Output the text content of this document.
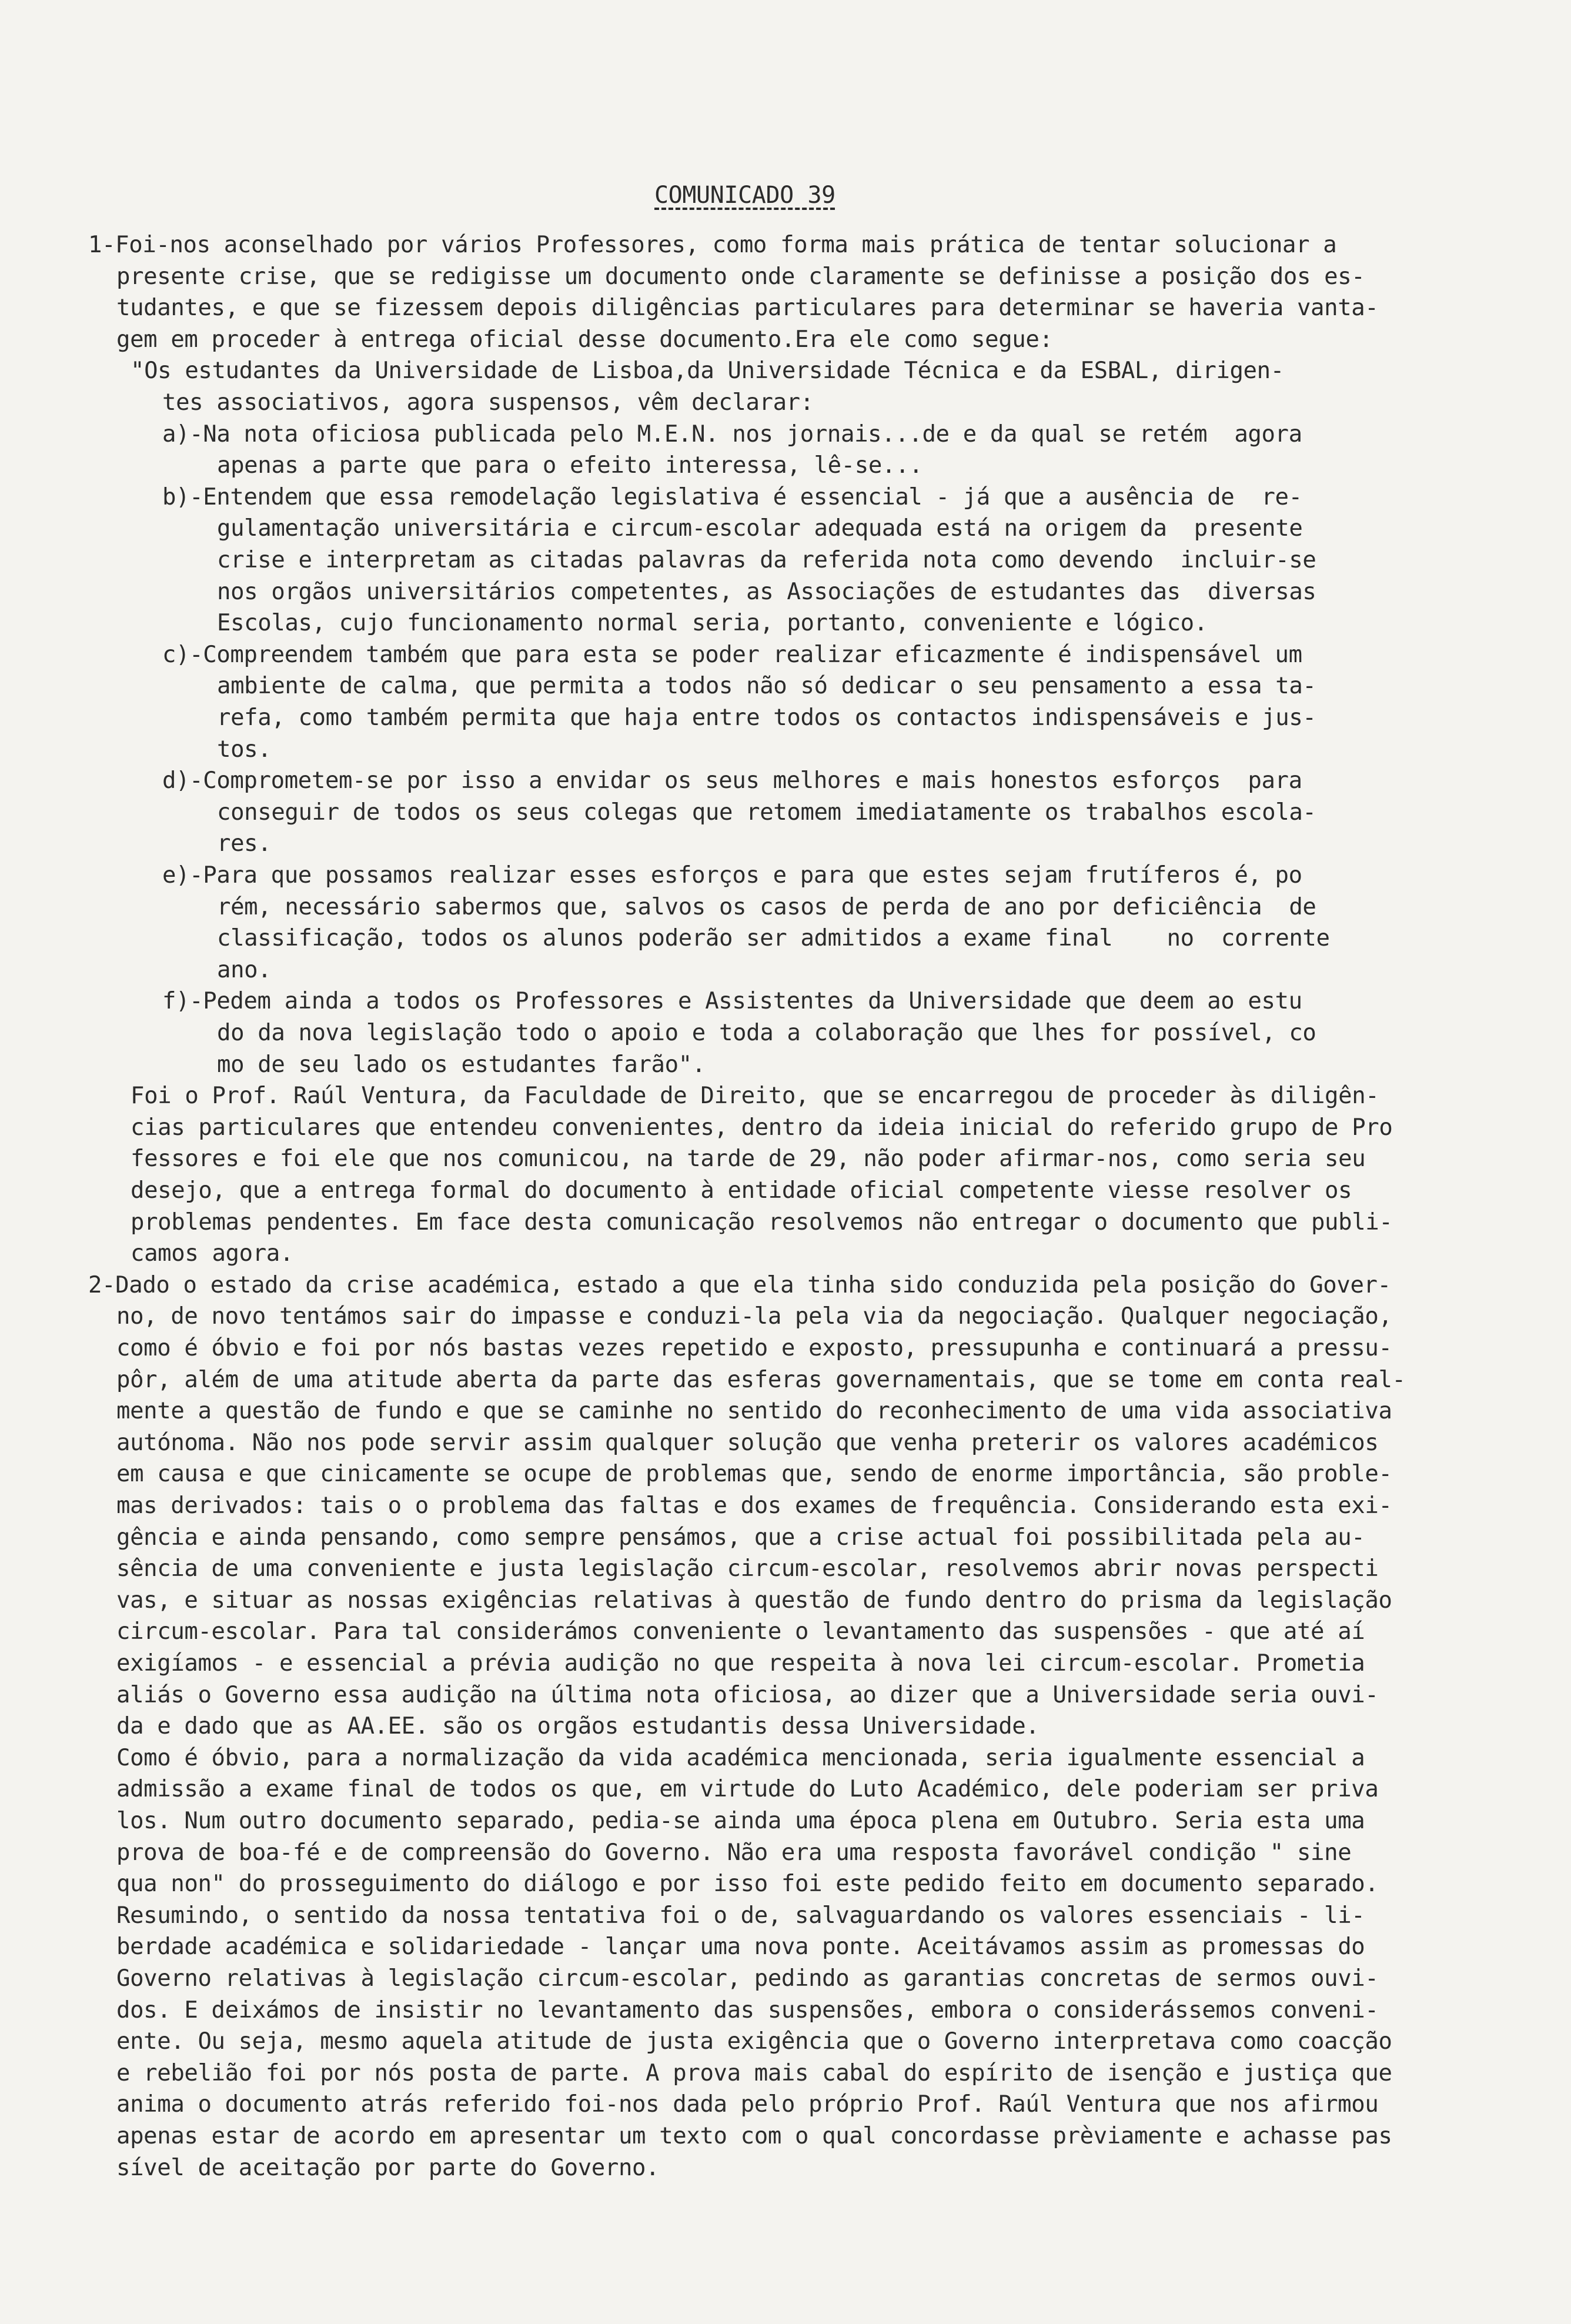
COMUNICADO 39
1-Foi-nos aconselhado por vários Professores, como forma mais prática de tentar solucionar a
presente crise, que se redigisse um documento onde claramente se definisse a posição dos es-
tudantes, e que se fizessem depois diligências particulares para determinar se haveria vanta-
gem em proceder à entrega oficial desse documento.Era ele como segue:
"Os estudantes da Universidade de Lisboa,da Universidade Técnica e da ESBAL, dirigen-
tes associativos, agora suspensos, vêm declarar:
a)-Na nota oficiosa publicada pelo M.E.N. nos jornais...de e da qual se retém  agora
apenas a parte que para o efeito interessa, lê-se...
b)-Entendem que essa remodelação legislativa é essencial - já que a ausência de  re-
gulamentação universitária e circum-escolar adequada está na origem da  presente
crise e interpretam as citadas palavras da referida nota como devendo  incluir-se
nos orgãos universitários competentes, as Associações de estudantes das  diversas
Escolas, cujo funcionamento normal seria, portanto, conveniente e lógico.
c)-Compreendem também que para esta se poder realizar eficazmente é indispensável um
ambiente de calma, que permita a todos não só dedicar o seu pensamento a essa ta-
refa, como também permita que haja entre todos os contactos indispensáveis e jus-
tos.
d)-Comprometem-se por isso a envidar os seus melhores e mais honestos esforços  para
conseguir de todos os seus colegas que retomem imediatamente os trabalhos escola-
res.
e)-Para que possamos realizar esses esforços e para que estes sejam frutíferos é, po
rém, necessário sabermos que, salvos os casos de perda de ano por deficiência  de
classificação, todos os alunos poderão ser admitidos a exame final    no  corrente
ano.
f)-Pedem ainda a todos os Professores e Assistentes da Universidade que deem ao estu
do da nova legislação todo o apoio e toda a colaboração que lhes for possível, co
mo de seu lado os estudantes farão".
Foi o Prof. Raúl Ventura, da Faculdade de Direito, que se encarregou de proceder às diligên-
cias particulares que entendeu convenientes, dentro da ideia inicial do referido grupo de Pro
fessores e foi ele que nos comunicou, na tarde de 29, não poder afirmar-nos, como seria seu
desejo, que a entrega formal do documento à entidade oficial competente viesse resolver os
problemas pendentes. Em face desta comunicação resolvemos não entregar o documento que publi-
camos agora.
2-Dado o estado da crise académica, estado a que ela tinha sido conduzida pela posição do Gover-
no, de novo tentámos sair do impasse e conduzi-la pela via da negociação. Qualquer negociação,
como é óbvio e foi por nós bastas vezes repetido e exposto, pressupunha e continuará a pressu-
pôr, além de uma atitude aberta da parte das esferas governamentais, que se tome em conta real-
mente a questão de fundo e que se caminhe no sentido do reconhecimento de uma vida associativa
autónoma. Não nos pode servir assim qualquer solução que venha preterir os valores académicos
em causa e que cinicamente se ocupe de problemas que, sendo de enorme importância, são proble-
mas derivados: tais o o problema das faltas e dos exames de frequência. Considerando esta exi-
gência e ainda pensando, como sempre pensámos, que a crise actual foi possibilitada pela au-
sência de uma conveniente e justa legislação circum-escolar, resolvemos abrir novas perspecti
vas, e situar as nossas exigências relativas à questão de fundo dentro do prisma da legislação
circum-escolar. Para tal considerámos conveniente o levantamento das suspensões - que até aí
exigíamos - e essencial a prévia audição no que respeita à nova lei circum-escolar. Prometia
aliás o Governo essa audição na última nota oficiosa, ao dizer que a Universidade seria ouvi-
da e dado que as AA.EE. são os orgãos estudantis dessa Universidade.
Como é óbvio, para a normalização da vida académica mencionada, seria igualmente essencial a
admissão a exame final de todos os que, em virtude do Luto Académico, dele poderiam ser priva
los. Num outro documento separado, pedia-se ainda uma época plena em Outubro. Seria esta uma
prova de boa-fé e de compreensão do Governo. Não era uma resposta favorável condição " sine
qua non" do prosseguimento do diálogo e por isso foi este pedido feito em documento separado.
Resumindo, o sentido da nossa tentativa foi o de, salvaguardando os valores essenciais - li-
berdade académica e solidariedade - lançar uma nova ponte. Aceitávamos assim as promessas do
Governo relativas à legislação circum-escolar, pedindo as garantias concretas de sermos ouvi-
dos. E deixámos de insistir no levantamento das suspensões, embora o considerássemos conveni-
ente. Ou seja, mesmo aquela atitude de justa exigência que o Governo interpretava como coacção
e rebelião foi por nós posta de parte. A prova mais cabal do espírito de isenção e justiça que
anima o documento atrás referido foi-nos dada pelo próprio Prof. Raúl Ventura que nos afirmou
apenas estar de acordo em apresentar um texto com o qual concordasse prèviamente e achasse pas
sível de aceitação por parte do Governo.
